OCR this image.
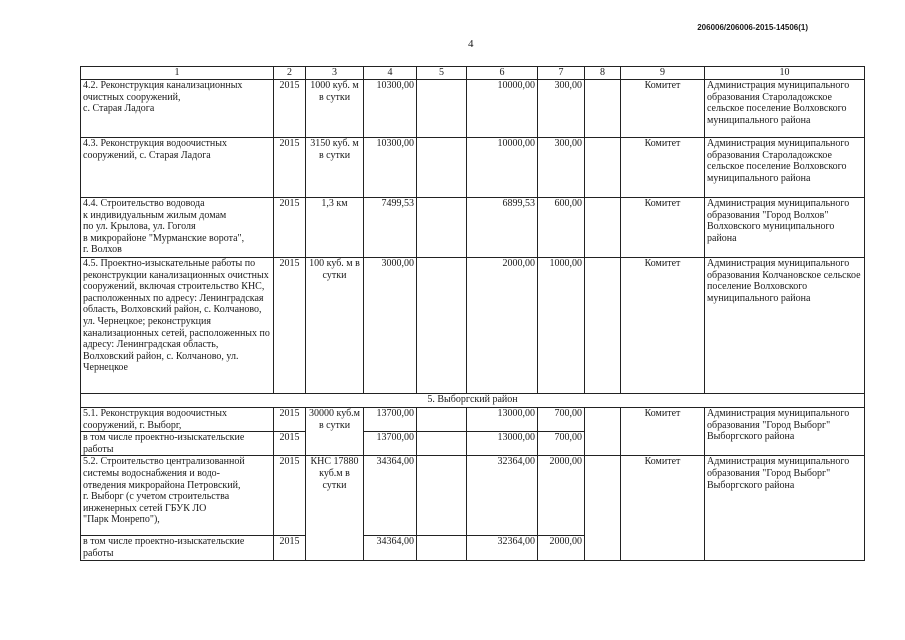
206006/206006-2015-14506(1)
4
1	2	3	4	5	6	7	8	9	10
4.2. Реконструкция канализационных очистных сооружений,
с. Старая Ладога	2015	1000 куб. м в сутки	10300,00		10000,00	300,00		Комитет	Администрация муниципального образования Староладожское сельское поселение Волховского муниципального района
4.3. Реконструкция водоочистных сооружений, с. Старая Ладога	2015	3150 куб. м в сутки	10300,00		10000,00	300,00		Комитет	Администрация муниципального образования Староладожское сельское поселение Волховского муниципального района
4.4. Строительство водовода
к индивидуальным жилым домам
по ул. Крылова, ул. Гоголя
в микрорайоне "Мурманские ворота",
г. Волхов	2015	1,3 км	7499,53		6899,53	600,00		Комитет	Администрация муниципального образования "Город Волхов" Волховского муниципального района
4.5. Проектно-изыскательные работы по реконструкции канализационных очистных сооружений, включая строительство КНС, расположенных по адресу: Ленинградская область, Волховский район, с. Колчаново,
ул. Чернецкое; реконструкция канализационных сетей, расположенных по адресу: Ленинградская область, Волховский район, с. Колчаново, ул. Чернецкое	2015	100 куб. м в сутки	3000,00		2000,00	1000,00		Комитет	Администрация муниципального образования Колчановское сельское поселение Волховского муниципального района
5. Выборгский район									
5.1. Реконструкция водоочистных сооружений, г. Выборг,	2015	30000 куб.м в сутки	13700,00		13000,00	700,00		Комитет	Администрация муниципального образования "Город Выборг" Выборгского района
в том числе проектно-изыскательские работы	2015		13700,00		13000,00	700,00			
5.2. Строительство централизованной системы водоснабжения и водо-
отведения микрорайона Петровский,
г. Выборг (с учетом строительства инженерных сетей ГБУК ЛО
"Парк Монрепо"),	2015	КНС 17880 куб.м в сутки	34364,00		32364,00	2000,00		Комитет	Администрация муниципального образования "Город Выборг" Выборгского района
в том числе проектно-изыскательские работы	2015		34364,00		32364,00	2000,00			
